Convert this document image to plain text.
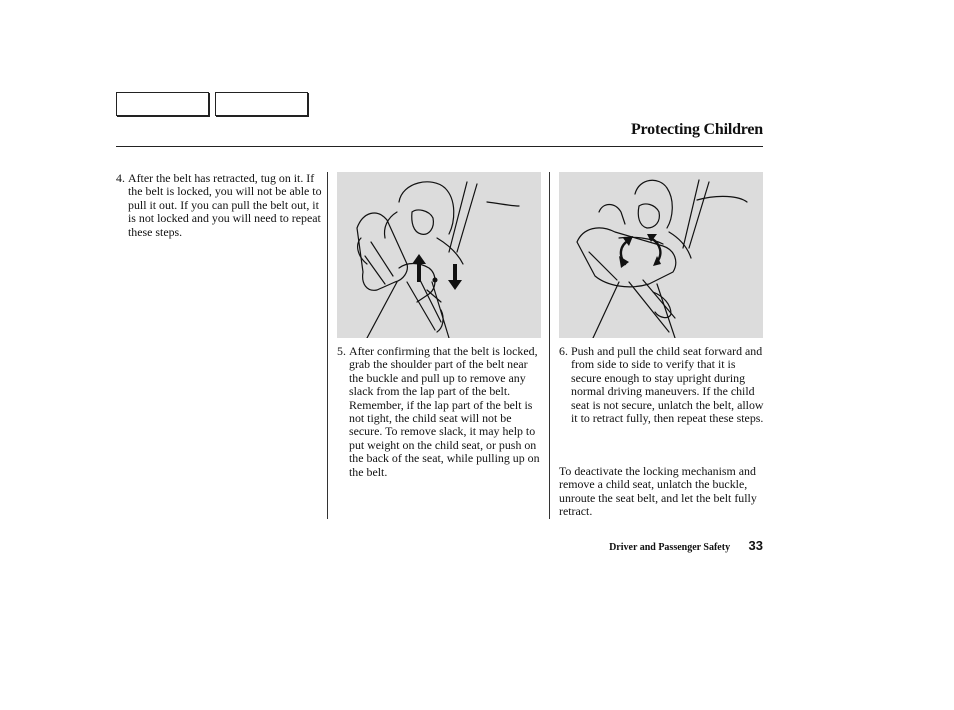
Protecting Children
4. After the belt has retracted, tug on it. If the belt is locked, you will not be able to pull it out. If you can pull the belt out, it is not locked and you will need to repeat these steps.
5. After confirming that the belt is locked, grab the shoulder part of the belt near the buckle and pull up to remove any slack from the lap part of the belt. Remember, if the lap part of the belt is not tight, the child seat will not be secure. To remove slack, it may help to put weight on the child seat, or push on the back of the seat, while pulling up on the belt.
6. Push and pull the child seat forward and from side to side to verify that it is secure enough to stay upright during normal driving maneuvers. If the child seat is not secure, unlatch the belt, allow it to retract fully, then repeat these steps.

To deactivate the locking mechanism and remove a child seat, unlatch the buckle, unroute the seat belt, and let the belt fully retract.

Driver and Passenger Safety 33
